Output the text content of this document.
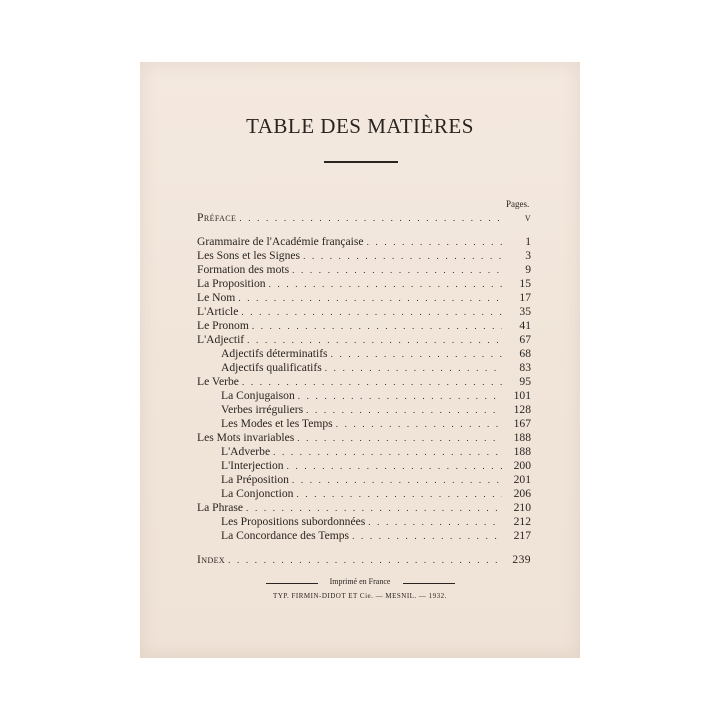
TABLE DES MATIÈRES
Pages.
Préface . . .	v
Grammaire de l'Académie française . . .	1
Les Sons et les Signes . . .	3
Formation des mots . . .	9
La Proposition . . .	15
Le Nom . . .	17
L'Article . . .	35
Le Pronom . . .	41
L'Adjectif . . .	67
Adjectifs déterminatifs . . .	68
Adjectifs qualificatifs . . .	83
Le Verbe . . .	95
La Conjugaison . . .	101
Verbes irréguliers . . .	128
Les Modes et les Temps . . .	167
Les Mots invariables . . .	188
L'Adverbe . . .	188
L'Interjection . . .	200
La Préposition . . .	201
La Conjonction . . .	206
La Phrase . . .	210
Les Propositions subordonnées . . .	212
La Concordance des Temps . . .	217
Index . . .	239
Imprimé en France
TYP. FIRMIN-DIDOT ET Cie. — MESNIL. — 1932.
